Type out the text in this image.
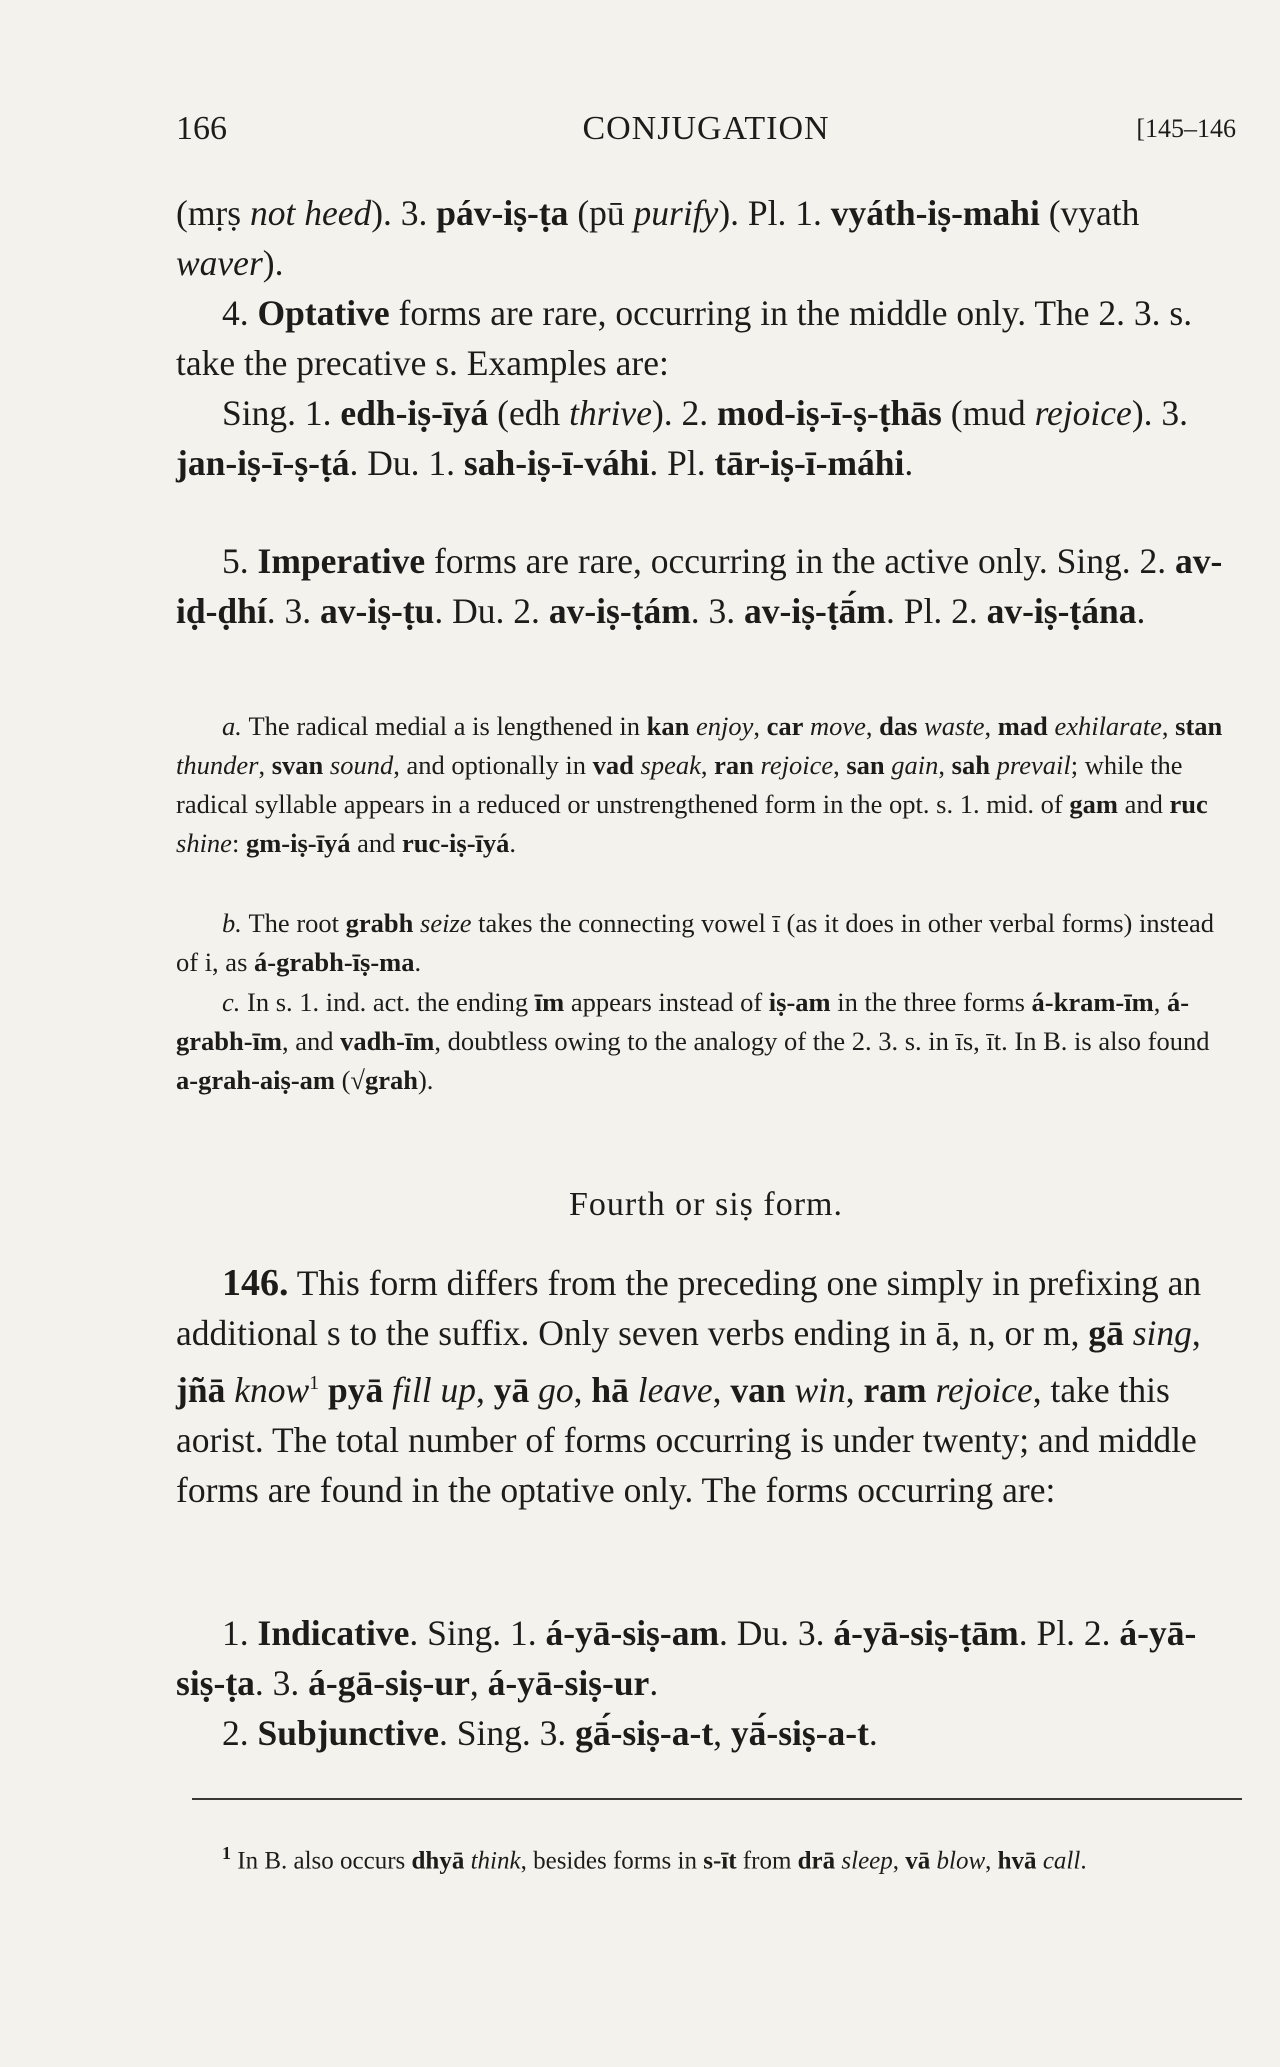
166	CONJUGATION	[145–146

(mṛṣ not heed). 3. páv-iṣ-ṭa (pū purify). Pl. 1. vyáth-iṣ-mahi (vyath waver).

4. Optative forms are rare, occurring in the middle only. The 2. 3. s. take the precative s. Examples are:

Sing. 1. edh-iṣ-īyá (edh thrive). 2. mod-iṣ-ī-ṣ-ṭhās (mud rejoice). 3. jan-iṣ-ī-ṣ-ṭá. Du. 1. sah-iṣ-ī-váhi. Pl. tār-iṣ-ī-máhi.

5. Imperative forms are rare, occurring in the active only. Sing. 2. av-iḍ-ḍhí. 3. av-iṣ-ṭu. Du. 2. av-iṣ-ṭám. 3. av-iṣ-ṭā́m. Pl. 2. av-iṣ-ṭána.

a. The radical medial a is lengthened in kan enjoy, car move, das waste, mad exhilarate, stan thunder, svan sound, and optionally in vad speak, ran rejoice, san gain, sah prevail; while the radical syllable appears in a reduced or unstrengthened form in the opt. s. 1. mid. of gam and ruc shine: gm-iṣ-īyá and ruc-iṣ-īyá.

b. The root grabh seize takes the connecting vowel ī (as it does in other verbal forms) instead of i, as á-grabh-īṣ-ma.

c. In s. 1. ind. act. the ending īm appears instead of iṣ-am in the three forms á-kram-īm, á-grabh-īm, and vadh-īm, doubtless owing to the analogy of the 2. 3. s. in īs, īt. In B. is also found a-grah-aiṣ-am (√grah).

Fourth or siṣ form.

146. This form differs from the preceding one simply in prefixing an additional s to the suffix. Only seven verbs ending in ā, n, or m, gā sing, jñā know$^1$ pyā fill up, yā go, hā leave, van win, ram rejoice, take this aorist. The total number of forms occurring is under twenty; and middle forms are found in the optative only. The forms occurring are:

1. Indicative. Sing. 1. á-yā-siṣ-am. Du. 3. á-yā-siṣ-ṭām. Pl. 2. á-yā-siṣ-ṭa. 3. á-gā-siṣ-ur, á-yā-siṣ-ur.

2. Subjunctive. Sing. 3. gā́-siṣ-a-t, yā́-siṣ-a-t.

$^1$ In B. also occurs dhyā think, besides forms in s-īt from drā sleep, vā blow, hvā call.
